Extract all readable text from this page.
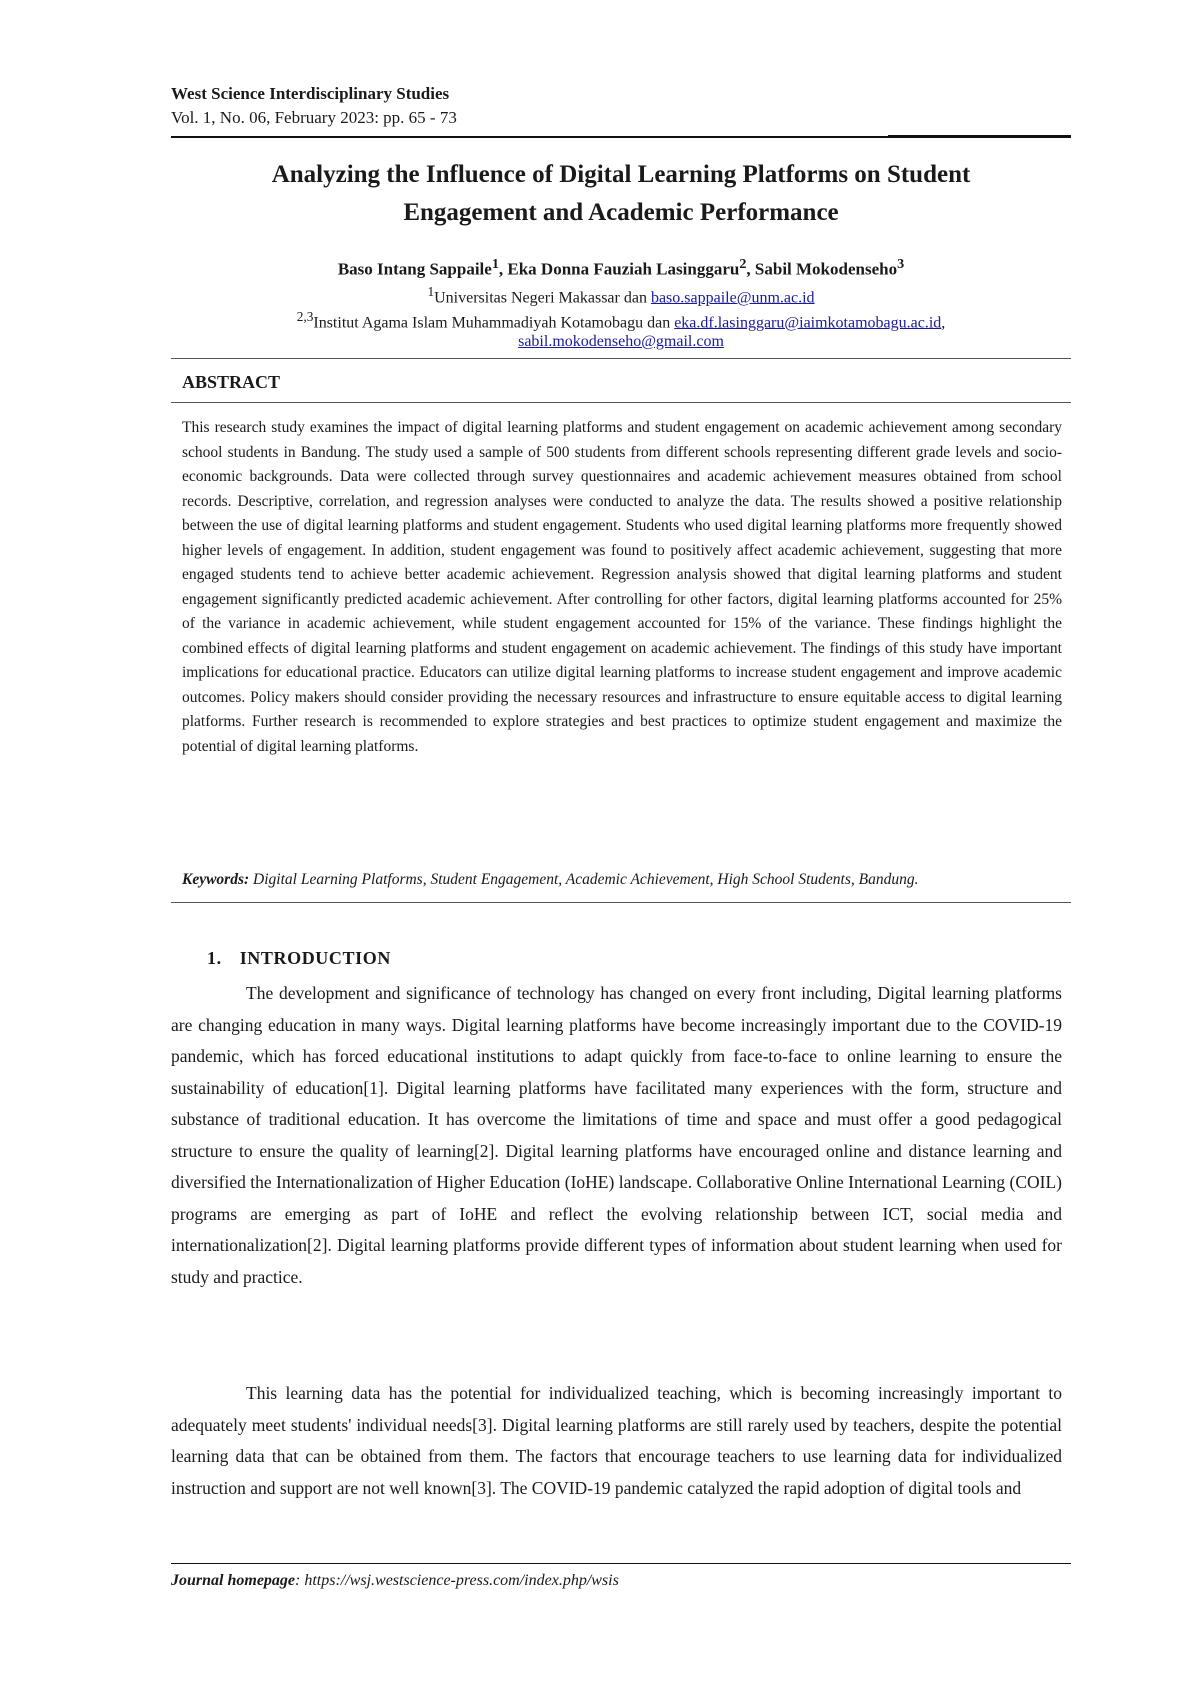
West Science Interdisciplinary Studies
Vol. 1, No. 06, February 2023: pp. 65 - 73
Analyzing the Influence of Digital Learning Platforms on Student
Engagement and Academic Performance
Baso Intang Sappaile$^1$, Eka Donna Fauziah Lasinggaru$^2$, Sabil Mokodenseho$^3$
$^1$Universitas Negeri Makassar dan baso.sappaile@unm.ac.id
$^{2,3}$Institut Agama Islam Muhammadiyah Kotamobagu dan eka.df.lasinggaru@iaimkotamobagu.ac.id,
sabil.mokodenseho@gmail.com
ABSTRACT

This research study examines the impact of digital learning platforms and student engagement on academic achievement among secondary school students in Bandung. The study used a sample of 500 students from different schools representing different grade levels and socio-economic backgrounds. Data were collected through survey questionnaires and academic achievement measures obtained from school records. Descriptive, correlation, and regression analyses were conducted to analyze the data. The results showed a positive relationship between the use of digital learning platforms and student engagement. Students who used digital learning platforms more frequently showed higher levels of engagement. In addition, student engagement was found to positively affect academic achievement, suggesting that more engaged students tend to achieve better academic achievement. Regression analysis showed that digital learning platforms and student engagement significantly predicted academic achievement. After controlling for other factors, digital learning platforms accounted for 25% of the variance in academic achievement, while student engagement accounted for 15% of the variance. These findings highlight the combined effects of digital learning platforms and student engagement on academic achievement. The findings of this study have important implications for educational practice. Educators can utilize digital learning platforms to increase student engagement and improve academic outcomes. Policy makers should consider providing the necessary resources and infrastructure to ensure equitable access to digital learning platforms. Further research is recommended to explore strategies and best practices to optimize student engagement and maximize the potential of digital learning platforms.

Keywords: Digital Learning Platforms, Student Engagement, Academic Achievement, High School Students, Bandung.

1. INTRODUCTION

The development and significance of technology has changed on every front including, Digital learning platforms are changing education in many ways. Digital learning platforms have become increasingly important due to the COVID-19 pandemic, which has forced educational institutions to adapt quickly from face-to-face to online learning to ensure the sustainability of education[1]. Digital learning platforms have facilitated many experiences with the form, structure and substance of traditional education. It has overcome the limitations of time and space and must offer a good pedagogical structure to ensure the quality of learning[2]. Digital learning platforms have encouraged online and distance learning and diversified the Internationalization of Higher Education (IoHE) landscape. Collaborative Online International Learning (COIL) programs are emerging as part of IoHE and reflect the evolving relationship between ICT, social media and internationalization[2]. Digital learning platforms provide different types of information about student learning when used for study and practice.

This learning data has the potential for individualized teaching, which is becoming increasingly important to adequately meet students' individual needs[3]. Digital learning platforms are still rarely used by teachers, despite the potential learning data that can be obtained from them. The factors that encourage teachers to use learning data for individualized instruction and support are not well known[3]. The COVID-19 pandemic catalyzed the rapid adoption of digital tools and

Journal homepage: https://wsj.westscience-press.com/index.php/wsis
